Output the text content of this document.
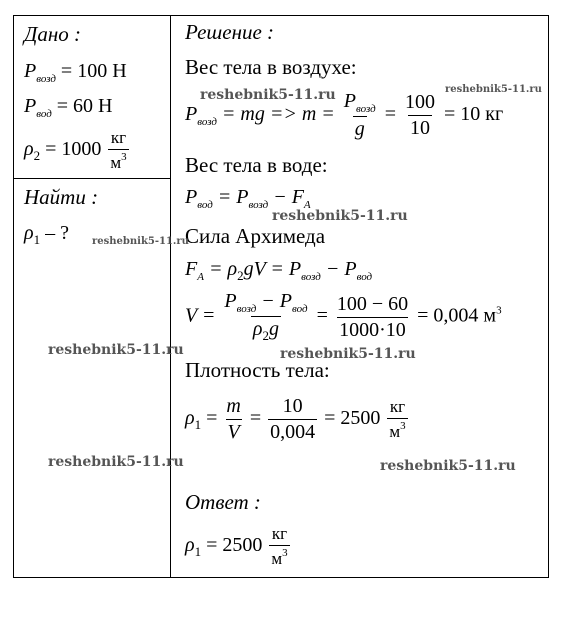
Дано :
$P_{возд} = 100$ Н
$P_{вод} = 60$ Н
$\rho_2 = 1000 \frac{кг}{м^3}$
Найти :
$\rho_1$ – ?
Решение :
Вес тела в воздухе:
$P_{возд}$ = mg => $m = \frac{P_{возд}}{g} = \frac{100}{10} = 10$ кг
Вес тела в воде:
$P_{вод} = P_{возд} - F_A$
Сила Архимеда
$F_A = \rho_2gV = P_{возд} - P_{вод}$
$V = \frac{P_{возд} - P_{вод}}{\rho_2g} = \frac{100 - 60}{1000\cdot 10} = 0,004$ $м^3$
Плотность тела:
$\rho_1 = \frac{m}{V} = \frac{10}{0,004} = 2500 \frac{кг}{м^3}$
Ответ :
$\rho_1 = 2500 \frac{кг}{м^3}$
reshebnik5-11.ru	reshebnik5-11.ru
reshebnik5-11.ru
reshebnik5-11.ru
reshebnik5-11.ru	reshebnik5-11.ru
reshebnik5-11.ru	reshebnik5-11.ru
